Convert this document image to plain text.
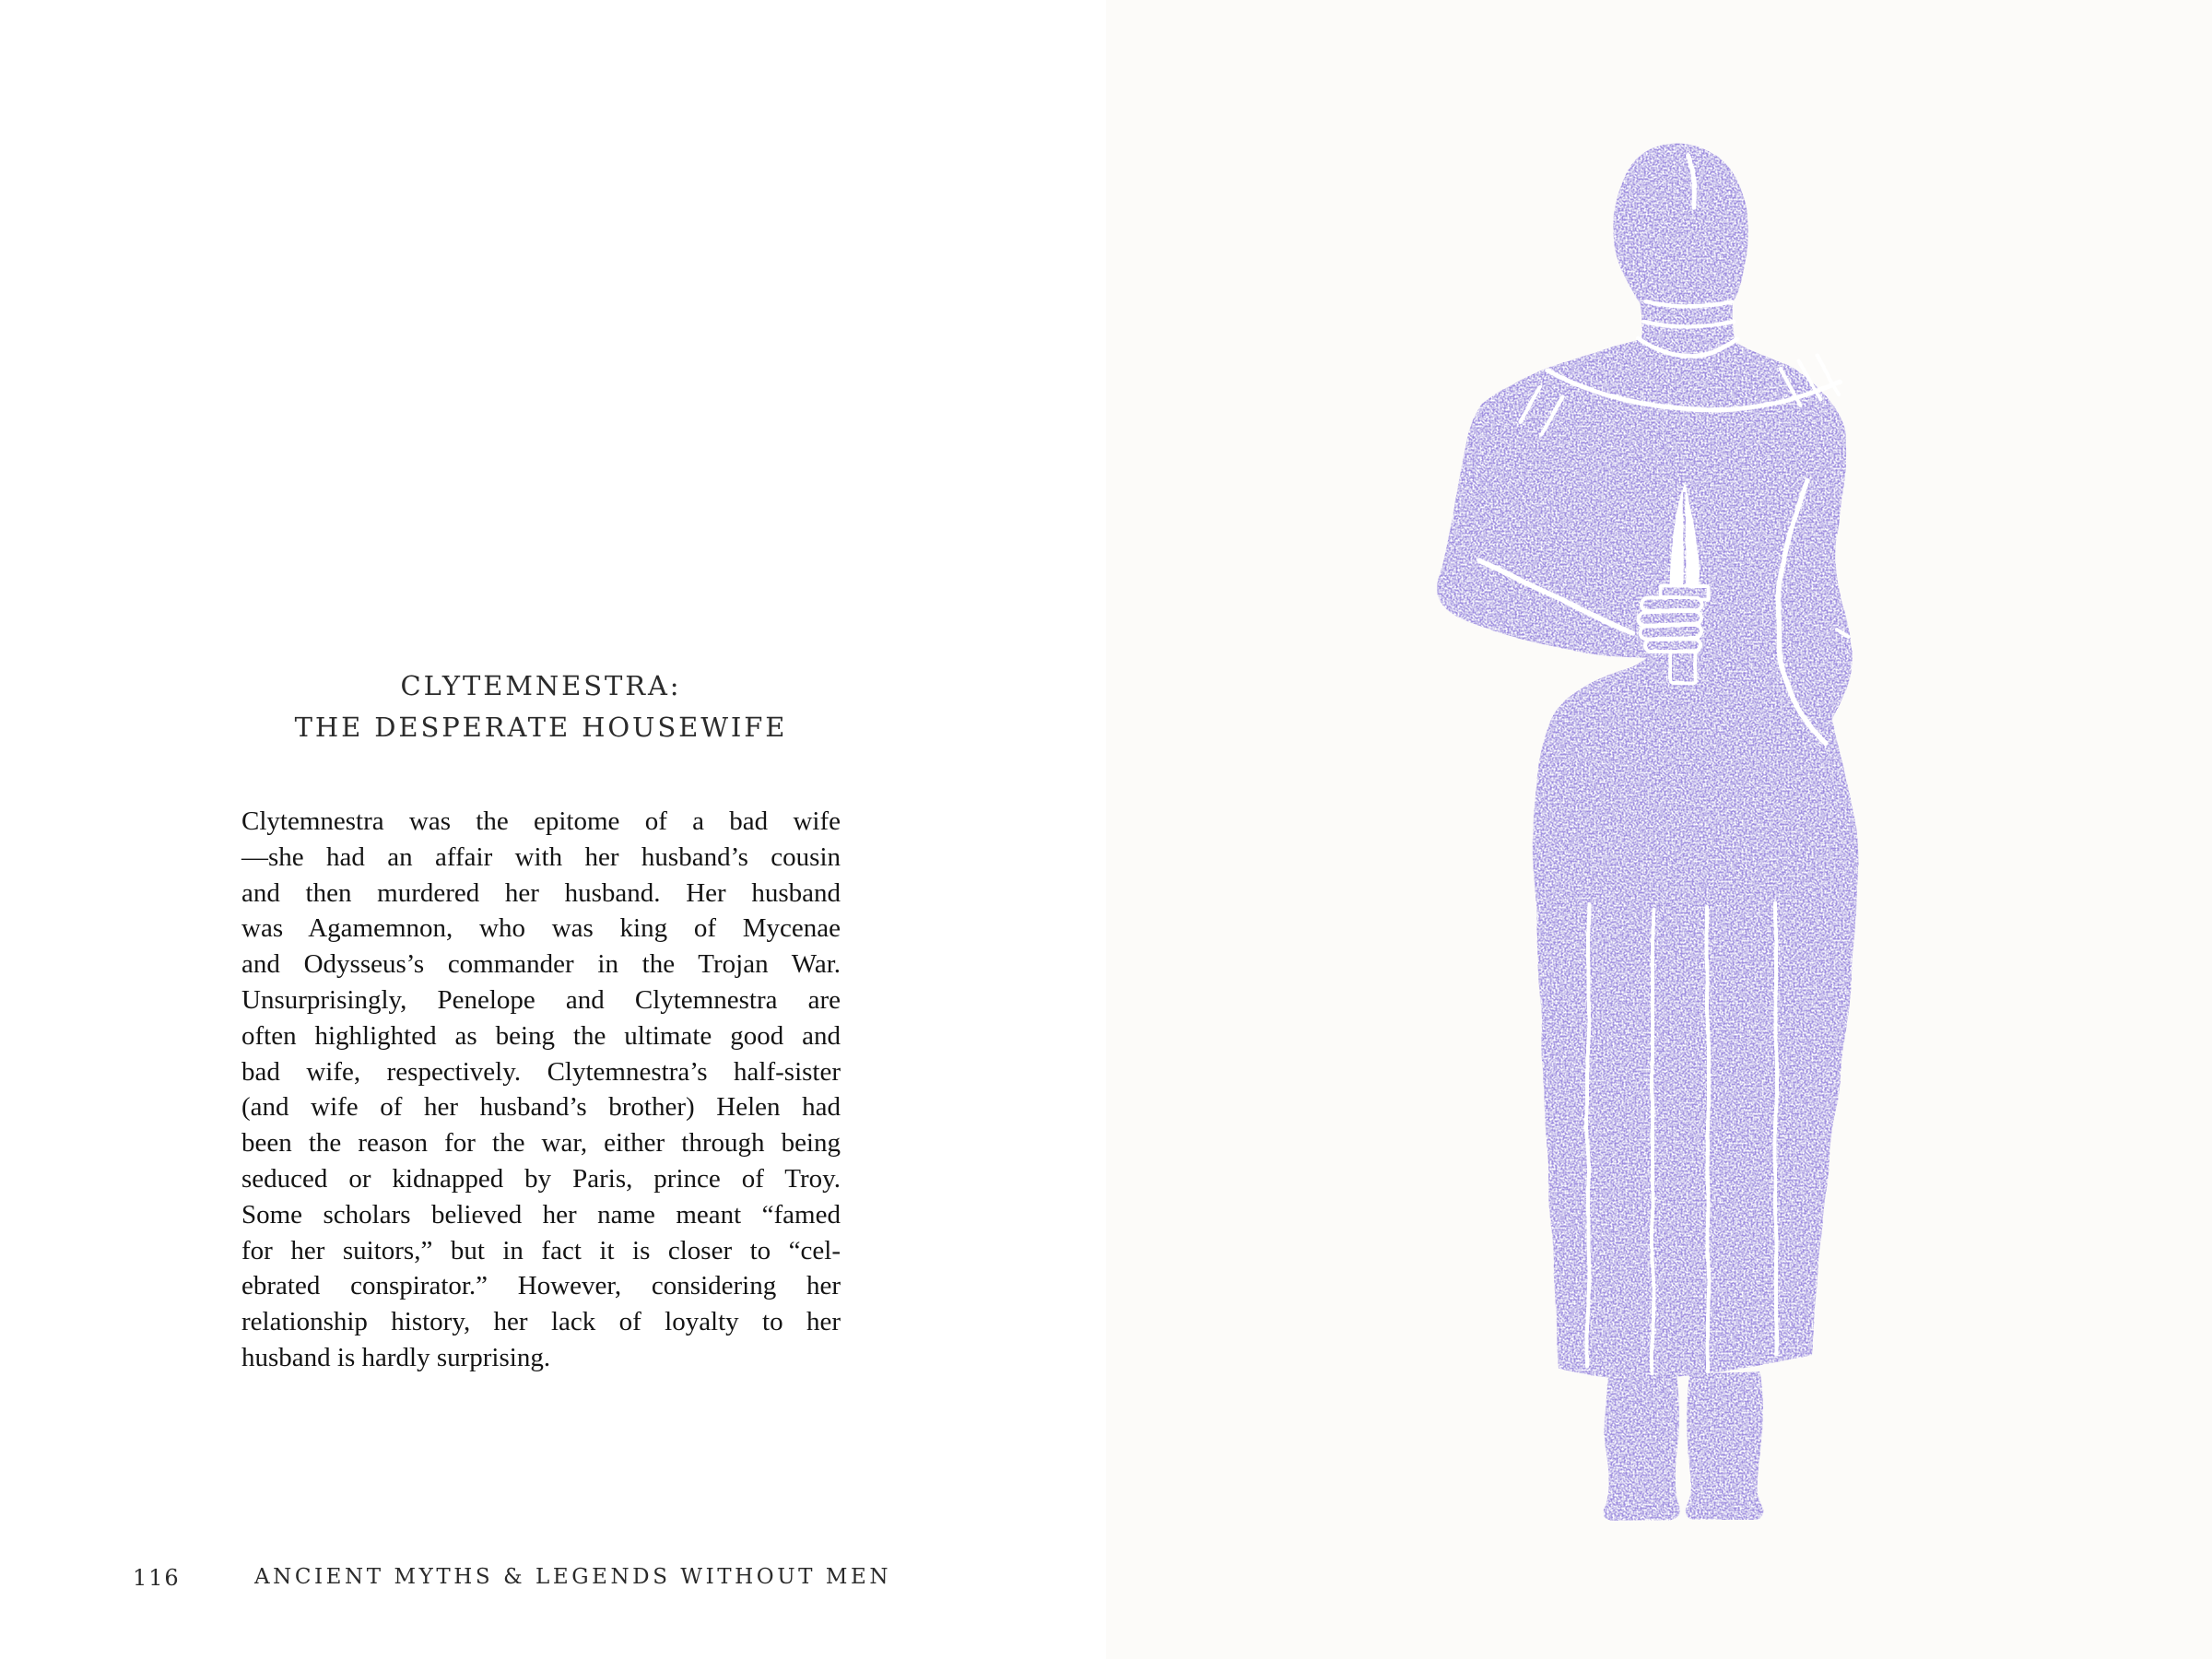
CLYTEMNESTRA:
THE DESPERATE HOUSEWIFE
Clytemnestra was the epitome of a bad wife
—she had an affair with her husband’s cousin
and then murdered her husband. Her husband
was Agamemnon, who was king of Mycenae
and Odysseus’s commander in the Trojan War.
Unsurprisingly, Penelope and Clytemnestra are
often highlighted as being the ultimate good and
bad wife, respectively. Clytemnestra’s half-sister
(and wife of her husband’s brother) Helen had
been the reason for the war, either through being
seduced or kidnapped by Paris, prince of Troy.
Some scholars believed her name meant “famed
for her suitors,” but in fact it is closer to “cel-
ebrated conspirator.” However, considering her
relationship history, her lack of loyalty to her
husband is hardly surprising.
116	ANCIENT MYTHS & LEGENDS WITHOUT MEN
